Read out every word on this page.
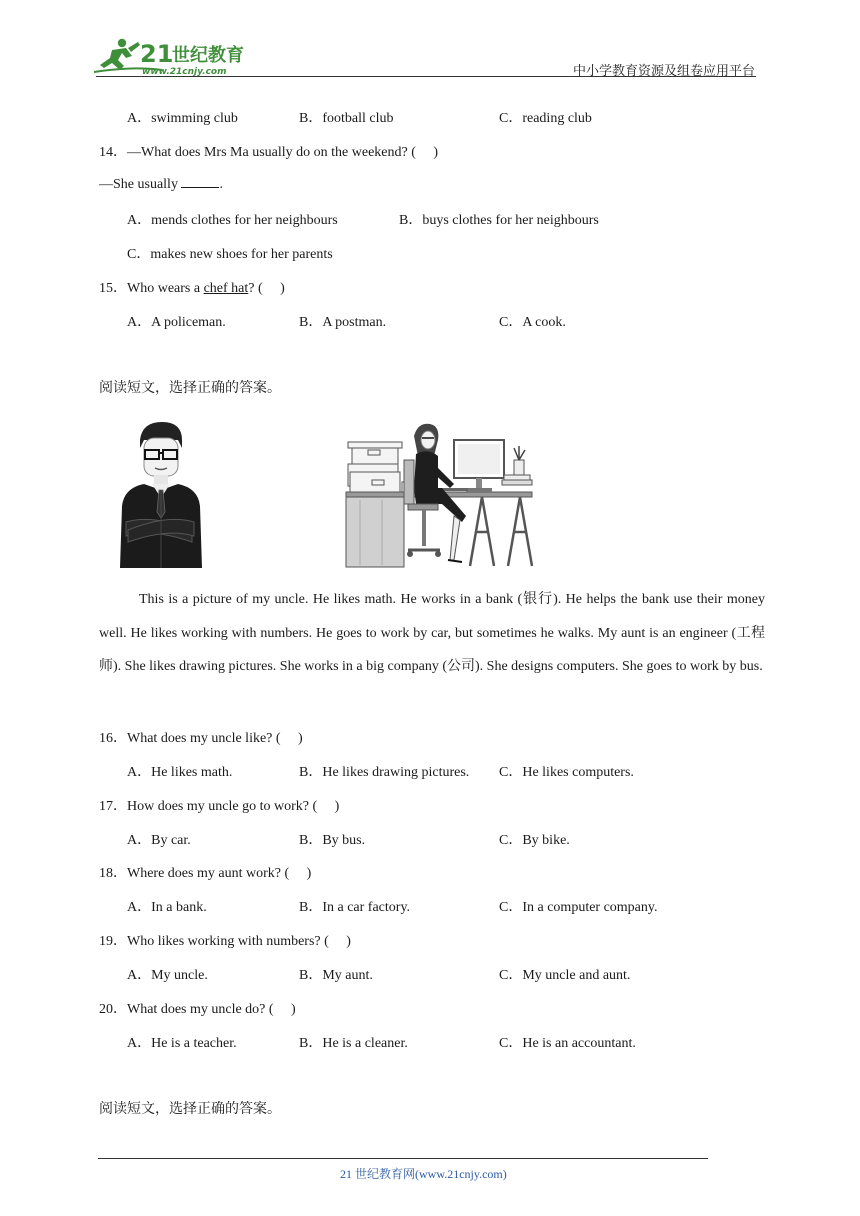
21
世纪教育
www.21cnjy.com	中小学教育资源及组卷应用平台
A．swimming club	B．football club	C．reading club
14．—What does Mrs Ma usually do on the weekend? (　 )
—She usually	.
A．mends clothes for her neighbours	B．buys clothes for her neighbours
C．makes new shoes for her parents
15．Who wears a chef hat? (　 )
A．A policeman.	B．A postman.	C．A cook.
阅读短文，选择正确的答案。
This is a picture of my uncle. He likes math. He works in a bank (银行). He helps the bank use their money well. He likes working with numbers. He goes to work by car, but sometimes he walks. My aunt is an engineer (工程师). She likes drawing pictures. She works in a big company (公司). She designs computers. She goes to work by bus.
16．What does my uncle like? (　 )
A．He likes math.	B．He likes drawing pictures. C．He likes computers.
17．How does my uncle go to work? (　 )
A．By car.	B．By bus.	C．By bike.
18．Where does my aunt work? (　 )
A．In a bank.	B．In a car factory.	C．In a computer company.
19．Who likes working with numbers? (　 )
A．My uncle.	B．My aunt.	C．My uncle and aunt.
20．What does my uncle do? (　 )
A．He is a teacher.	B．He is a cleaner.	C．He is an accountant.
阅读短文，选择正确的答案。
21 世纪教育网(www.21cnjy.com)
